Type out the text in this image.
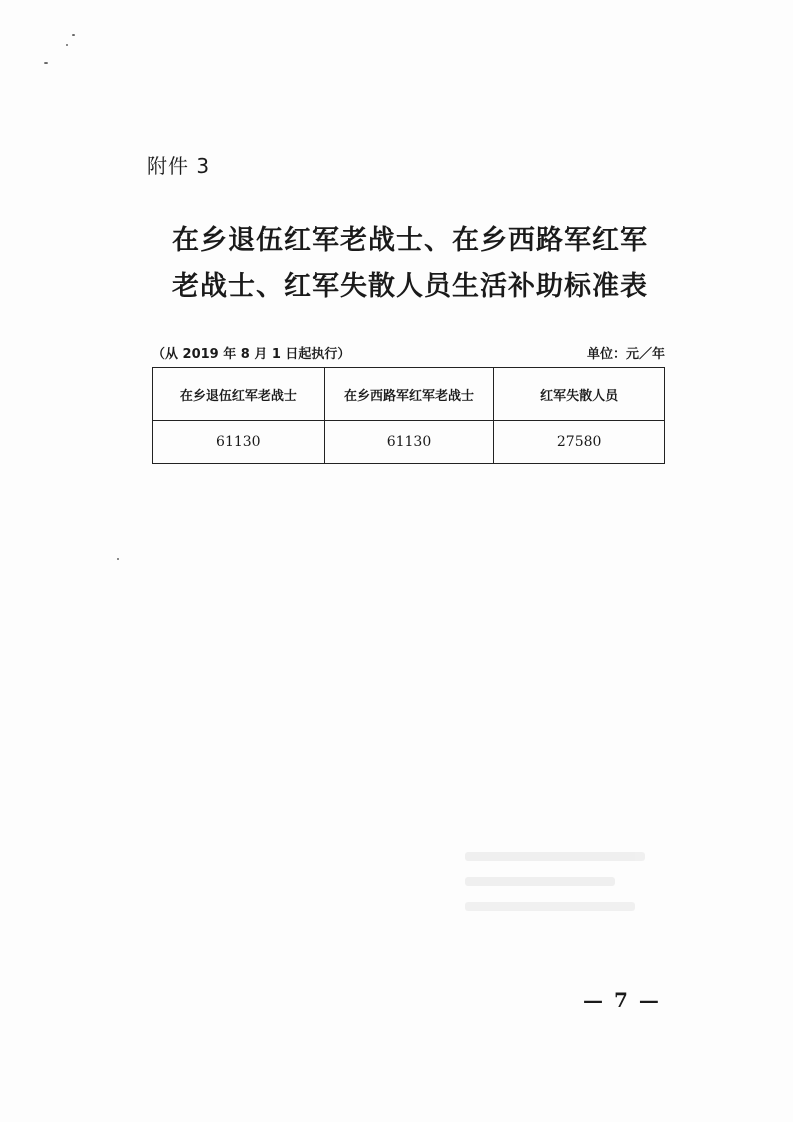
附件 3
在乡退伍红军老战士、在乡西路军红军
老战士、红军失散人员生活补助标准表
（从 2019 年 8 月 1 日起执行）	单位：元／年
在乡退伍红军老战士	在乡西路军红军老战士	红军失散人员
61130	61130	27580
— 7 —
